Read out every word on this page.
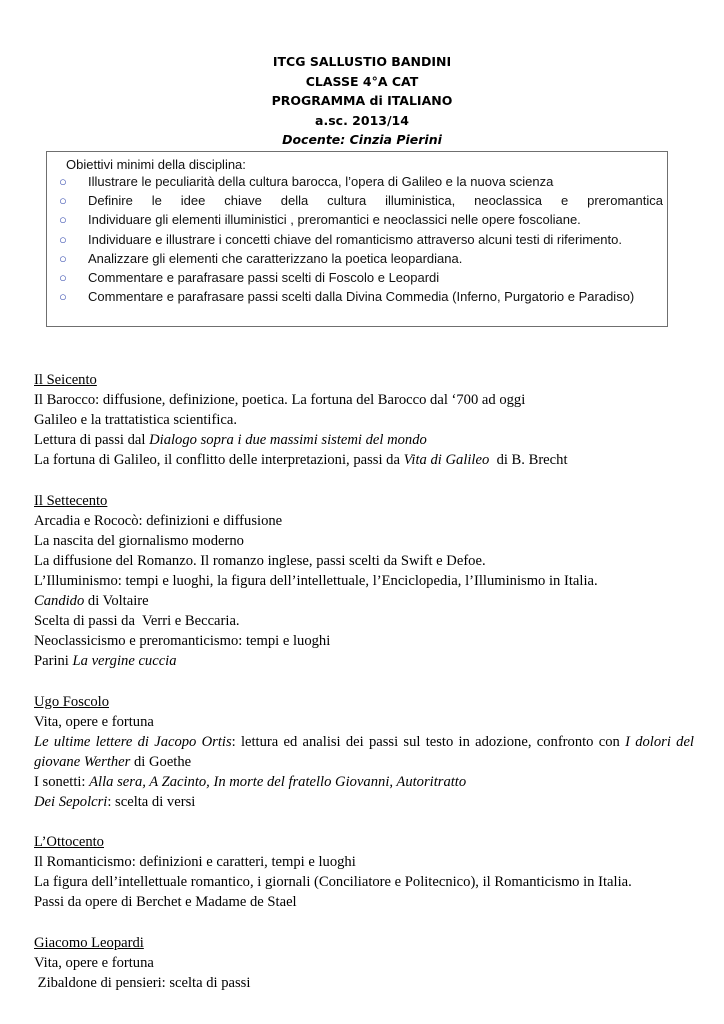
ITCG SALLUSTIO BANDINI
CLASSE 4°A CAT
PROGRAMMA di ITALIANO
a.sc. 2013/14
Docente: Cinzia Pierini
Obiettivi minimi della disciplina:
○ Illustrare le peculiarità della cultura barocca, l’opera di Galileo e la nuova scienza
○ Definire le idee chiave della cultura illuministica, neoclassica e preromantica
○ Individuare gli elementi illuministici , preromantici e neoclassici nelle opere foscoliane.
○ Individuare e illustrare i concetti chiave del romanticismo attraverso alcuni testi di riferimento.
○ Analizzare gli elementi che caratterizzano la poetica leopardiana.
○ Commentare e parafrasare passi scelti di Foscolo e Leopardi
○ Commentare e parafrasare passi scelti dalla Divina Commedia (Inferno, Purgatorio e Paradiso)
Il Seicento
Il Barocco: diffusione, definizione, poetica. La fortuna del Barocco dal ‘700 ad oggi
Galileo e la trattatistica scientifica.
Lettura di passi dal Dialogo sopra i due massimi sistemi del mondo
La fortuna di Galileo, il conflitto delle interpretazioni, passi da Vita di Galileo  di B. Brecht
Il Settecento
Arcadia e Rococò: definizioni e diffusione
La nascita del giornalismo moderno
La diffusione del Romanzo. Il romanzo inglese, passi scelti da Swift e Defoe.
L’Illuminismo: tempi e luoghi, la figura dell’intellettuale, l’Enciclopedia, l’Illuminismo in Italia.
Candido di Voltaire
Scelta di passi da  Verri e Beccaria.
Neoclassicismo e preromanticismo: tempi e luoghi
Parini La vergine cuccia
Ugo Foscolo
Vita, opere e fortuna
Le ultime lettere di Jacopo Ortis: lettura ed analisi dei passi sul testo in adozione, confronto con I dolori del giovane Werther di Goethe
I sonetti: Alla sera, A Zacinto, In morte del fratello Giovanni, Autoritratto
Dei Sepolcri: scelta di versi
L’Ottocento
Il Romanticismo: definizioni e caratteri, tempi e luoghi
La figura dell’intellettuale romantico, i giornali (Conciliatore e Politecnico), il Romanticismo in Italia.
Passi da opere di Berchet e Madame de Stael
Giacomo Leopardi
Vita, opere e fortuna
Zibaldone di pensieri: scelta di passi
